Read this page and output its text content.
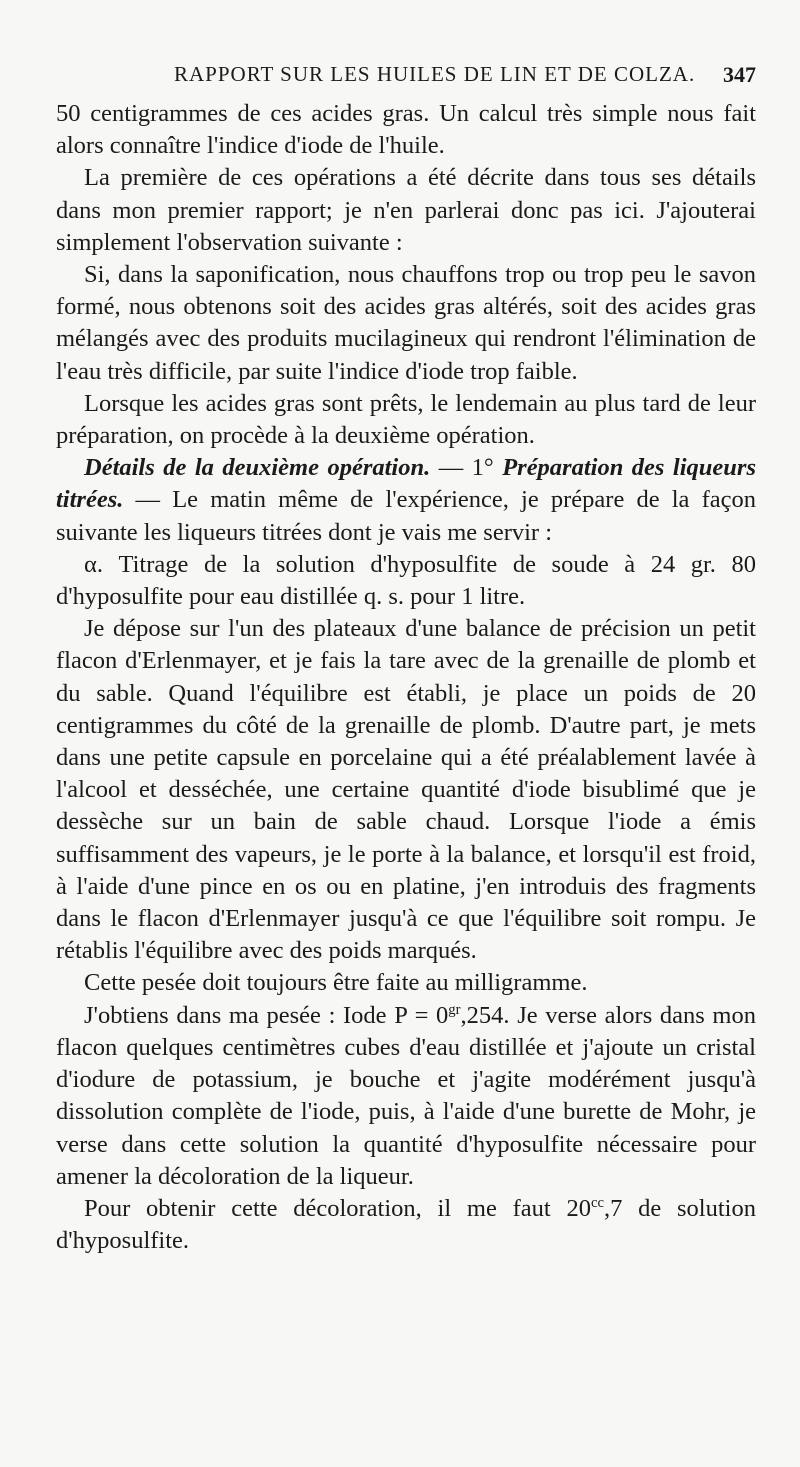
RAPPORT SUR LES HUILES DE LIN ET DE COLZA. 347

50 centigrammes de ces acides gras. Un calcul très simple nous fait alors connaître l'indice d'iode de l'huile.

La première de ces opérations a été décrite dans tous ses détails dans mon premier rapport; je n'en parlerai donc pas ici. J'ajouterai simplement l'observation suivante :

Si, dans la saponification, nous chauffons trop ou trop peu le savon formé, nous obtenons soit des acides gras altérés, soit des acides gras mélangés avec des produits mucilagineux qui rendront l'élimination de l'eau très difficile, par suite l'indice d'iode trop faible.

Lorsque les acides gras sont prêts, le lendemain au plus tard de leur préparation, on procède à la deuxième opération.

Détails de la deuxième opération. — 1° Préparation des liqueurs titrées. — Le matin même de l'expérience, je prépare de la façon suivante les liqueurs titrées dont je vais me servir :

α. Titrage de la solution d'hyposulfite de soude à 24 gr. 80 d'hyposulfite pour eau distillée q. s. pour 1 litre.

Je dépose sur l'un des plateaux d'une balance de précision un petit flacon d'Erlenmayer, et je fais la tare avec de la grenaille de plomb et du sable. Quand l'équilibre est établi, je place un poids de 20 centigrammes du côté de la grenaille de plomb. D'autre part, je mets dans une petite capsule en porcelaine qui a été préalablement lavée à l'alcool et desséchée, une certaine quantité d'iode bisublimé que je dessèche sur un bain de sable chaud. Lorsque l'iode a émis suffisamment des vapeurs, je le porte à la balance, et lorsqu'il est froid, à l'aide d'une pince en os ou en platine, j'en introduis des fragments dans le flacon d'Erlenmayer jusqu'à ce que l'équilibre soit rompu. Je rétablis l'équilibre avec des poids marqués.

Cette pesée doit toujours être faite au milligramme.

J'obtiens dans ma pesée : Iode $P = 0^{gr},254$. Je verse alors dans mon flacon quelques centimètres cubes d'eau distillée et j'ajoute un cristal d'iodure de potassium, je bouche et j'agite modérément jusqu'à dissolution complète de l'iode, puis, à l'aide d'une burette de Mohr, je verse dans cette solution la quantité d'hyposulfite nécessaire pour amener la décoloration de la liqueur.

Pour obtenir cette décoloration, il me faut $20^{cc},7$ de solution d'hyposulfite.
